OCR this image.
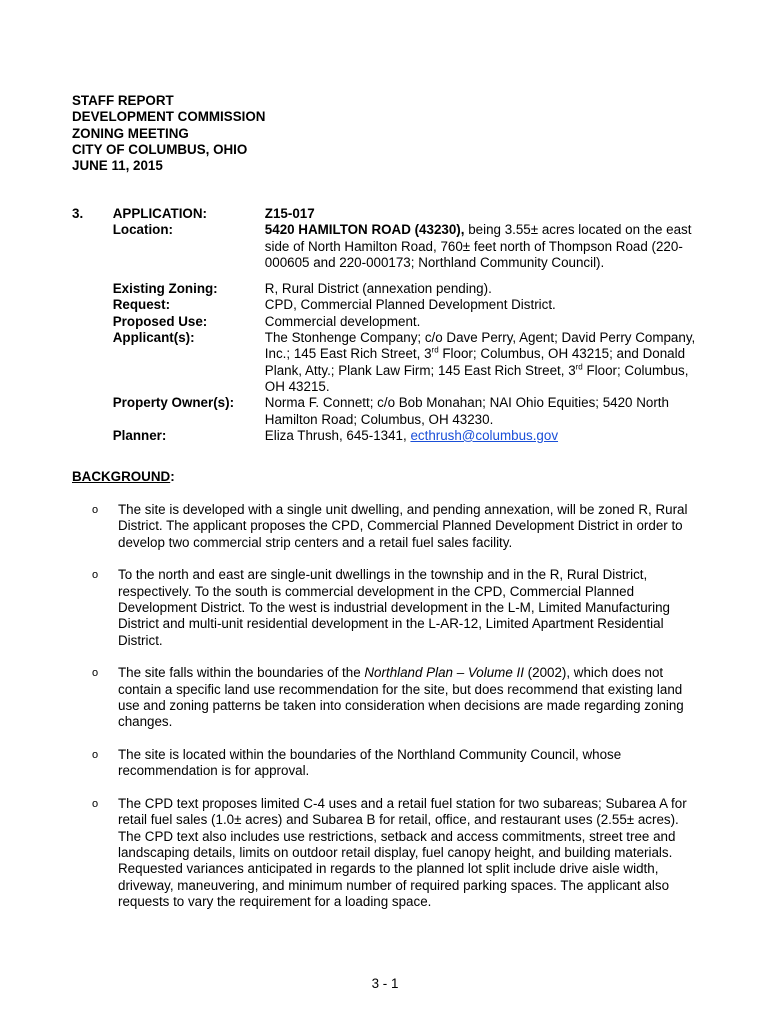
STAFF REPORT
DEVELOPMENT COMMISSION
ZONING MEETING
CITY OF COLUMBUS, OHIO
JUNE 11, 2015
3.	APPLICATION:	Z15-017
Location:	5420 HAMILTON ROAD (43230), being 3.55± acres located on the east side of North Hamilton Road, 760± feet north of Thompson Road (220-000605 and 220-000173; Northland Community Council).
Existing Zoning:	R, Rural District (annexation pending).
Request:	CPD, Commercial Planned Development District.
Proposed Use:	Commercial development.
Applicant(s):	The Stonhenge Company; c/o Dave Perry, Agent; David Perry Company, Inc.; 145 East Rich Street, 3rd Floor; Columbus, OH 43215; and Donald Plank, Atty.; Plank Law Firm; 145 East Rich Street, 3rd Floor; Columbus, OH 43215.
Property Owner(s):	Norma F. Connett; c/o Bob Monahan; NAI Ohio Equities; 5420 North Hamilton Road; Columbus, OH 43230.
Planner:	Eliza Thrush, 645-1341, ecthrush@columbus.gov
BACKGROUND:
o	The site is developed with a single unit dwelling, and pending annexation, will be zoned R, Rural District. The applicant proposes the CPD, Commercial Planned Development District in order to develop two commercial strip centers and a retail fuel sales facility.
o	To the north and east are single-unit dwellings in the township and in the R, Rural District, respectively. To the south is commercial development in the CPD, Commercial Planned Development District. To the west is industrial development in the L-M, Limited Manufacturing District and multi-unit residential development in the L-AR-12, Limited Apartment Residential District.
o	The site falls within the boundaries of the Northland Plan – Volume II (2002), which does not contain a specific land use recommendation for the site, but does recommend that existing land use and zoning patterns be taken into consideration when decisions are made regarding zoning changes.
o	The site is located within the boundaries of the Northland Community Council, whose recommendation is for approval.
o	The CPD text proposes limited C-4 uses and a retail fuel station for two subareas; Subarea A for retail fuel sales (1.0± acres) and Subarea B for retail, office, and restaurant uses (2.55± acres). The CPD text also includes use restrictions, setback and access commitments, street tree and landscaping details, limits on outdoor retail display, fuel canopy height, and building materials. Requested variances anticipated in regards to the planned lot split include drive aisle width, driveway, maneuvering, and minimum number of required parking spaces. The applicant also requests to vary the requirement for a loading space.
3 - 1
